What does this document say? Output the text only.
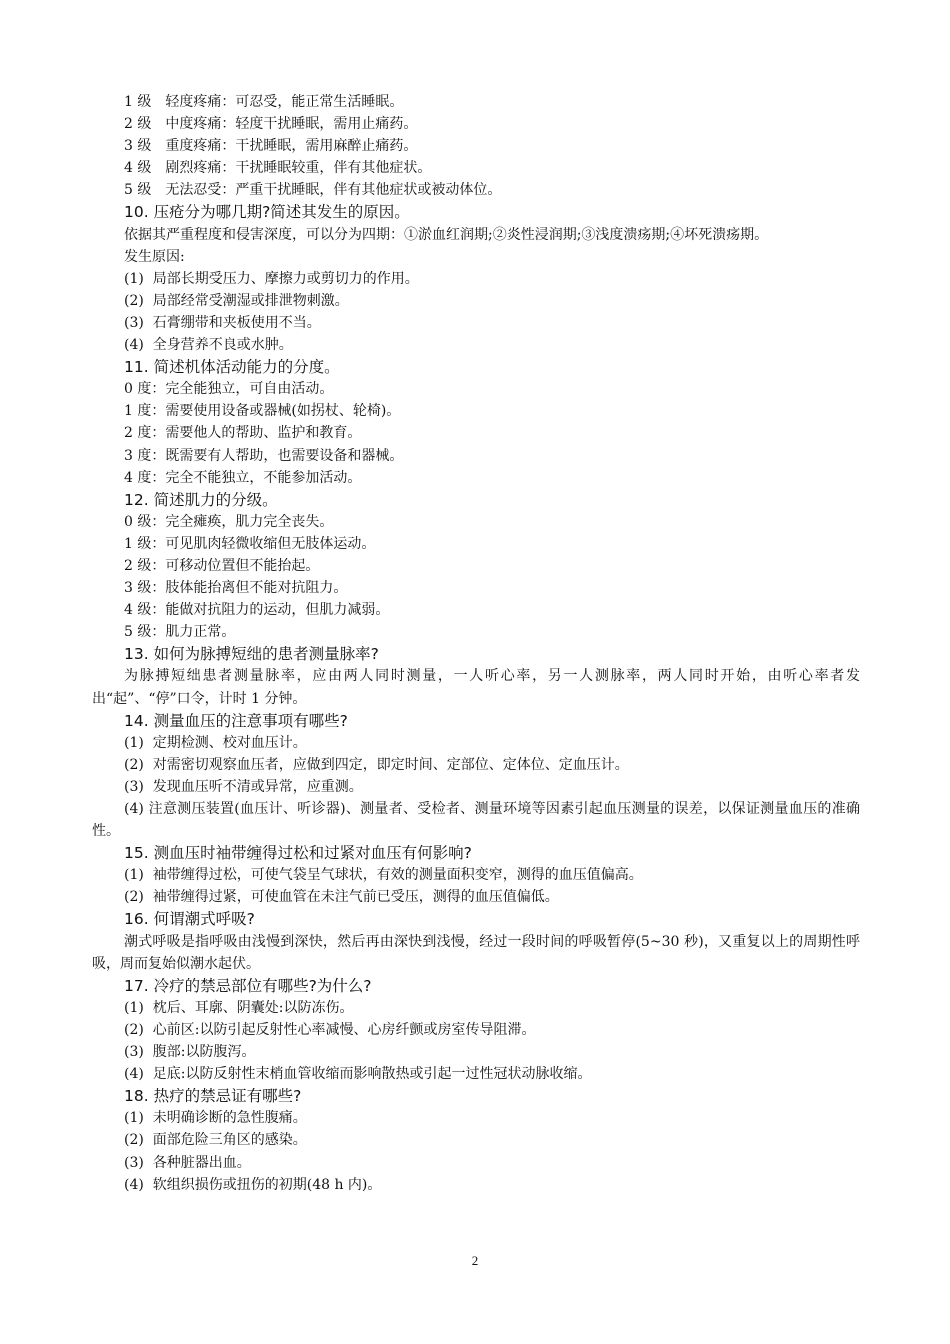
1 级　轻度疼痛：可忍受，能正常生活睡眠。
2 级　中度疼痛：轻度干扰睡眠，需用止痛药。
3 级　重度疼痛：干扰睡眠，需用麻醉止痛药。
4 级　剧烈疼痛：干扰睡眠较重，伴有其他症状。
5 级　无法忍受：严重干扰睡眠，伴有其他症状或被动体位。
10. 压疮分为哪几期?简述其发生的原因。
依据其严重程度和侵害深度，可以分为四期：①淤血红润期;②炎性浸润期;③浅度溃疡期;④坏死溃疡期。
发生原因:
(1)  局部长期受压力、摩擦力或剪切力的作用。
(2)  局部经常受潮湿或排泄物刺激。
(3)  石膏绷带和夹板使用不当。
(4)  全身营养不良或水肿。
11. 简述机体活动能力的分度。
0 度：完全能独立，可自由活动。
1 度：需要使用设备或器械(如拐杖、轮椅)。
2 度：需要他人的帮助、监护和教育。
3 度：既需要有人帮助，也需要设备和器械。
4 度：完全不能独立，不能参加活动。
12. 简述肌力的分级。
0 级：完全瘫痪，肌力完全丧失。
1 级：可见肌肉轻微收缩但无肢体运动。
2 级：可移动位置但不能抬起。
3 级：肢体能抬离但不能对抗阻力。
4 级：能做对抗阻力的运动，但肌力减弱。
5 级：肌力正常。
13. 如何为脉搏短绌的患者测量脉率?
为脉搏短绌患者测量脉率，应由两人同时测量，一人听心率，另一人测脉率，两人同时开始，由听心率者发出“起”、“停”口令，计时 1 分钟。
14. 测量血压的注意事项有哪些?
(1)  定期检测、校对血压计。
(2)  对需密切观察血压者，应做到四定，即定时间、定部位、定体位、定血压计。
(3)  发现血压听不清或异常，应重测。
(4) 注意测压装置(血压计、听诊器)、测量者、受检者、测量环境等因素引起血压测量的误差，以保证测量血压的准确性。
15. 测血压时袖带缠得过松和过紧对血压有何影响?
(1)  袖带缠得过松，可使气袋呈气球状，有效的测量面积变窄，测得的血压值偏高。
(2)  袖带缠得过紧，可使血管在未注气前已受压，测得的血压值偏低。
16. 何谓潮式呼吸?
潮式呼吸是指呼吸由浅慢到深快，然后再由深快到浅慢，经过一段时间的呼吸暂停(5~30 秒)，又重复以上的周期性呼吸，周而复始似潮水起伏。
17. 冷疗的禁忌部位有哪些?为什么?
(1)  枕后、耳廓、阴囊处:以防冻伤。
(2)  心前区:以防引起反射性心率减慢、心房纤颤或房室传导阻滞。
(3)  腹部:以防腹泻。
(4)  足底:以防反射性末梢血管收缩而影响散热或引起一过性冠状动脉收缩。
18. 热疗的禁忌证有哪些?
(1)  未明确诊断的急性腹痛。
(2)  面部危险三角区的感染。
(3)  各种脏器出血。
(4)  软组织损伤或扭伤的初期(48 h 内)。
2
